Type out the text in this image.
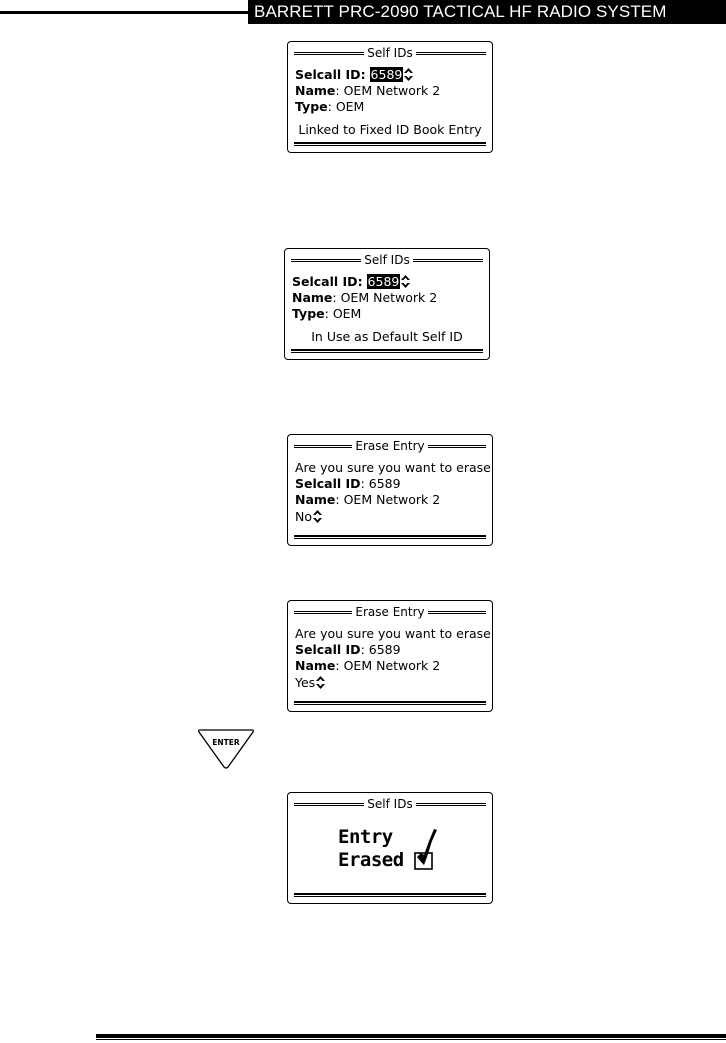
BARRETT PRC-2090 TACTICAL HF RADIO SYSTEM
Self IDs
Selcall ID: 6589
Name: OEM Network 2
Type: OEM
Linked to Fixed ID Book Entry
Self IDs
Selcall ID: 6589
Name: OEM Network 2
Type: OEM
In Use as Default Self ID
Erase Entry
Are you sure you want to erase
Selcall ID: 6589
Name: OEM Network 2
No
Erase Entry
Are you sure you want to erase
Selcall ID: 6589
Name: OEM Network 2
Yes
ENTER
Self IDs
Entry
Erased
